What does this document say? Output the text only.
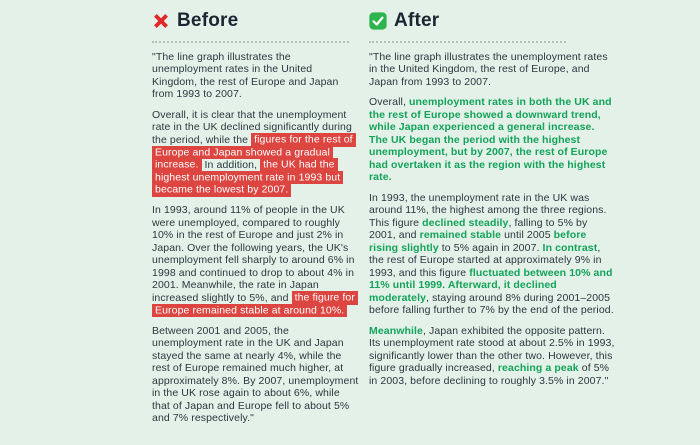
Before

"The line graph illustrates the unemployment rates in the United Kingdom, the rest of Europe and Japan from 1993 to 2007.

Overall, it is clear that the unemployment rate in the UK declined significantly during the period, while the figures for the rest of Europe and Japan showed a gradual increase. In addition, the UK had the highest unemployment rate in 1993 but became the lowest by 2007.

In 1993, around 11% of people in the UK were unemployed, compared to roughly 10% in the rest of Europe and just 2% in Japan. Over the following years, the UK's unemployment fell sharply to around 6% in 1998 and continued to drop to about 4% in 2001. Meanwhile, the rate in Japan increased slightly to 5%, and the figure for Europe remained stable at around 10%.

Between 2001 and 2005, the unemployment rate in the UK and Japan stayed the same at nearly 4%, while the rest of Europe remained much higher, at approximately 8%. By 2007, unemployment in the UK rose again to about 6%, while that of Japan and Europe fell to about 5% and 7% respectively."

After

"The line graph illustrates the unemployment rates in the United Kingdom, the rest of Europe, and Japan from 1993 to 2007.

Overall, unemployment rates in both the UK and the rest of Europe showed a downward trend, while Japan experienced a general increase. The UK began the period with the highest unemployment, but by 2007, the rest of Europe had overtaken it as the region with the highest rate.

In 1993, the unemployment rate in the UK was around 11%, the highest among the three regions. This figure declined steadily, falling to 5% by 2001, and remained stable until 2005 before rising slightly to 5% again in 2007. In contrast, the rest of Europe started at approximately 9% in 1993, and this figure fluctuated between 10% and 11% until 1999. Afterward, it declined moderately, staying around 8% during 2001–2005 before falling further to 7% by the end of the period.

Meanwhile, Japan exhibited the opposite pattern. Its unemployment rate stood at about 2.5% in 1993, significantly lower than the other two. However, this figure gradually increased, reaching a peak of 5% in 2003, before declining to roughly 3.5% in 2007."
